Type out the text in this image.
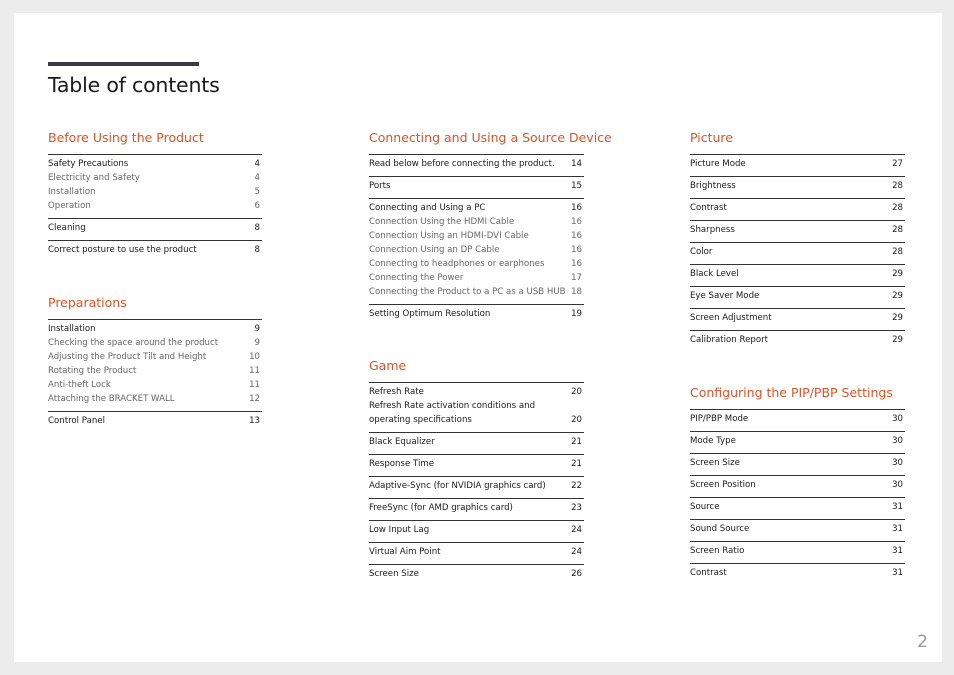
Table of contents
Before Using the Product
Safety Precautions	4
Electricity and Safety	4
Installation	5
Operation	6
Cleaning	8
Correct posture to use the product	8
Preparations
Installation	9
Checking the space around the product	9
Adjusting the Product Tilt and Height	10
Rotating the Product	11
Anti-theft Lock	11
Attaching the BRACKET WALL	12
Control Panel	13
Connecting and Using a Source Device
Read below before connecting the product.	14
Ports	15
Connecting and Using a PC	16
Connection Using the HDMI Cable	16
Connection Using an HDMI-DVI Cable	16
Connection Using an DP Cable	16
Connecting to headphones or earphones	16
Connecting the Power	17
Connecting the Product to a PC as a USB HUB 18
Setting Optimum Resolution	19
Game
Refresh Rate	20
Refresh Rate activation conditions and
operating specifications	20
Black Equalizer	21
Response Time	21
Adaptive-Sync (for NVIDIA graphics card)	22
FreeSync (for AMD graphics card)	23
Low Input Lag	24
Virtual Aim Point	24
Screen Size	26
Picture
Picture Mode	27
Brightness	28
Contrast	28
Sharpness	28
Color	28
Black Level	29
Eye Saver Mode	29
Screen Adjustment	29
Calibration Report	29
Configuring the PIP/PBP Settings
PIP/PBP Mode	30
Mode Type	30
Screen Size	30
Screen Position	30
Source	31
Sound Source	31
Screen Ratio	31
Contrast	31
2
